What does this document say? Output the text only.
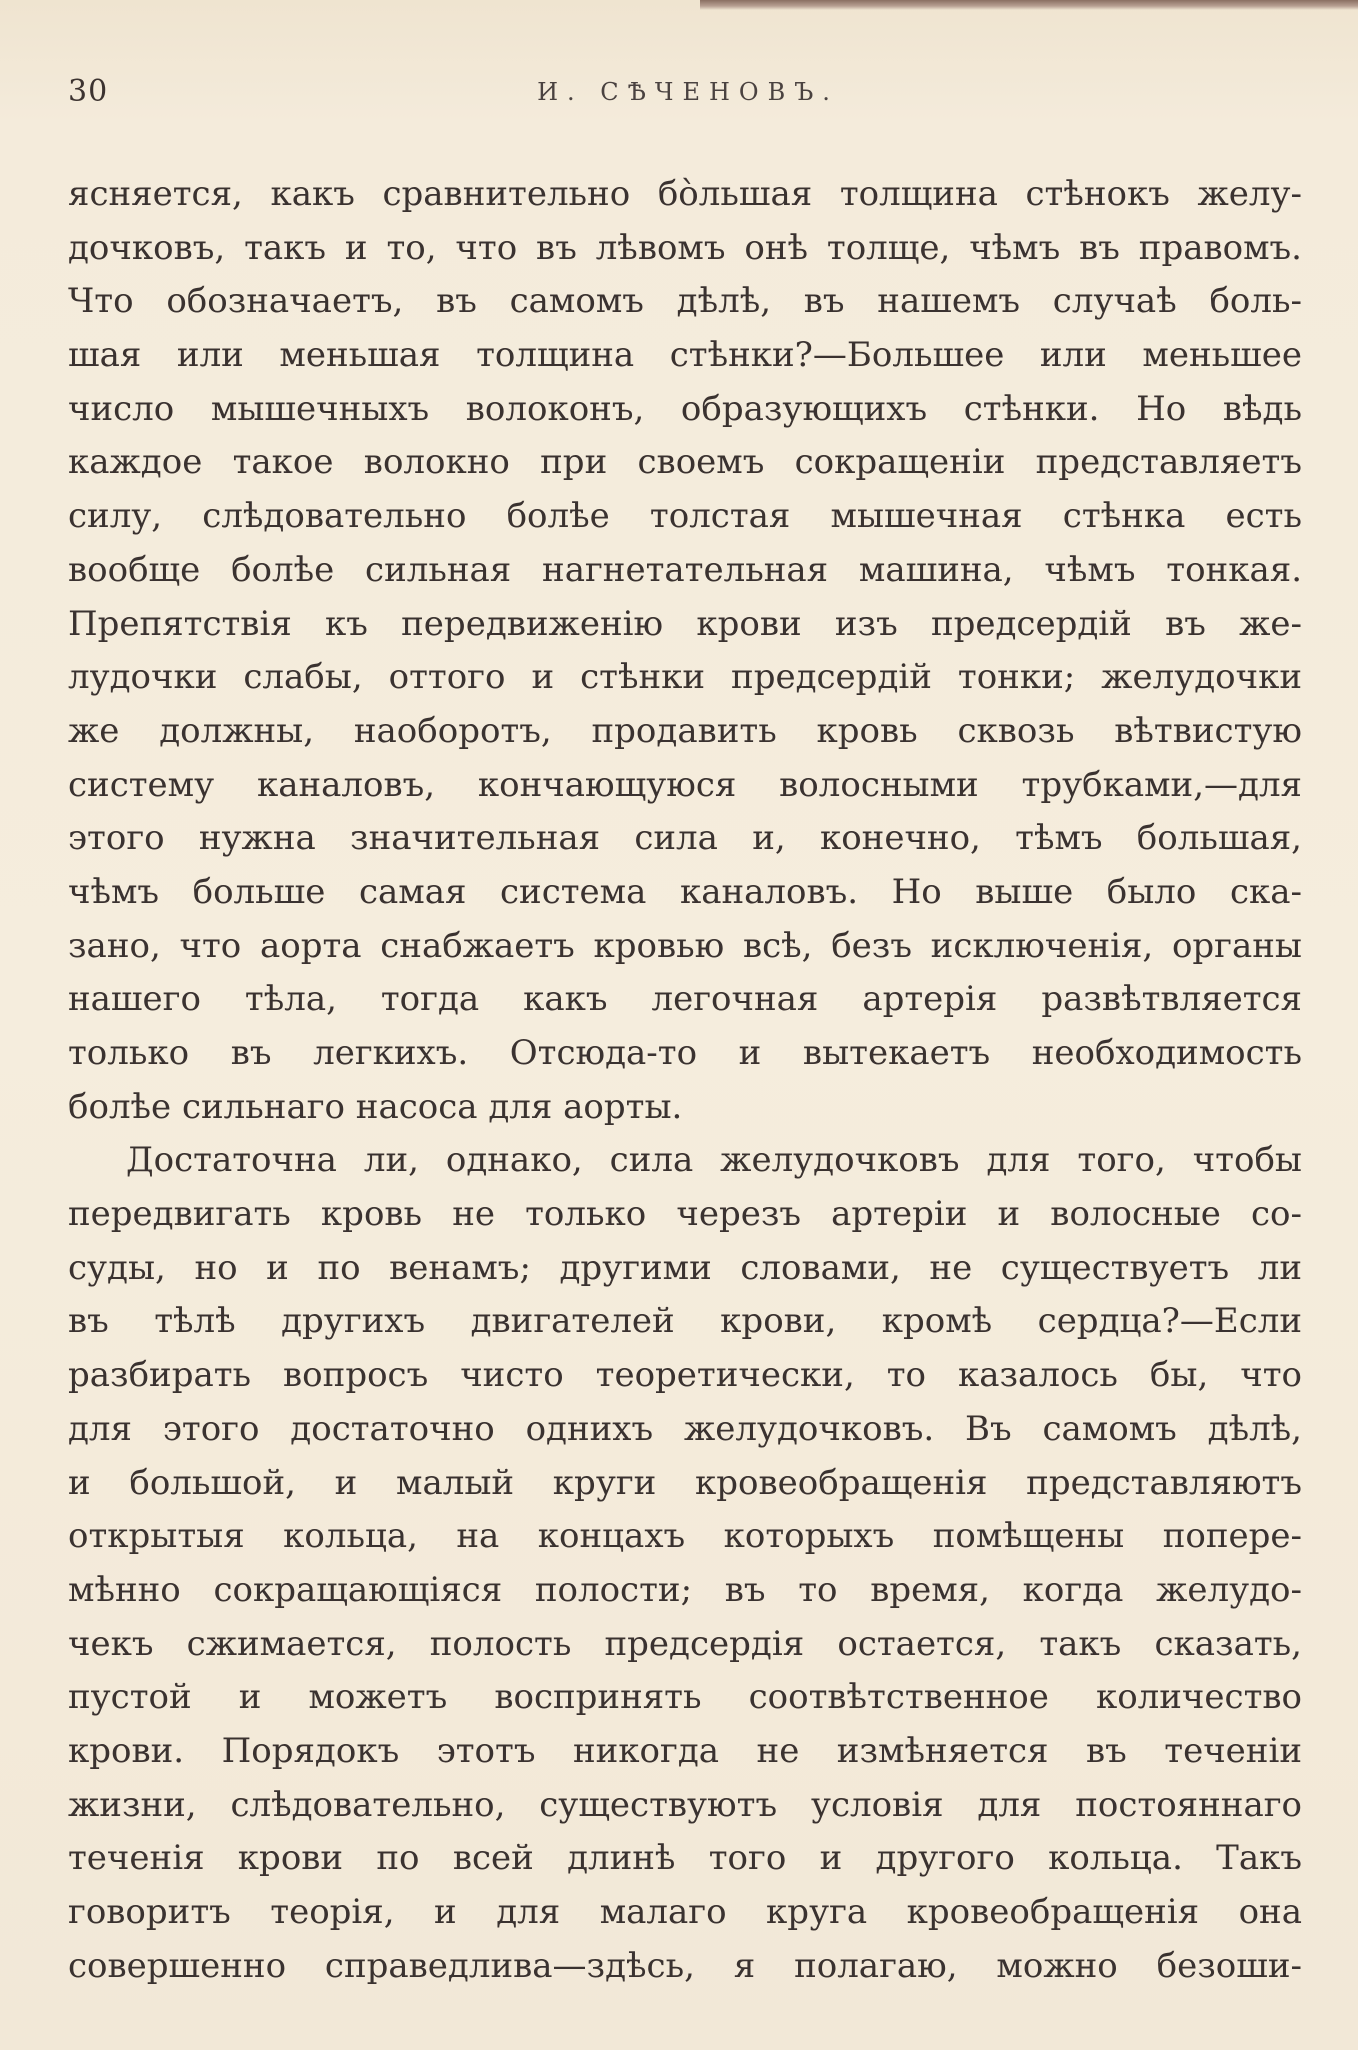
30	И. СѢЧЕНОВЪ.
ясняется, какъ сравнительно бо̀льшая толщина стѣнокъ желу-
дочковъ, такъ и то, что въ лѣвомъ онѣ толще, чѣмъ въ правомъ.
Что обозначаетъ, въ самомъ дѣлѣ, въ нашемъ случаѣ боль-
шая или меньшая толщина стѣнки?—Большее или меньшее
число мышечныхъ волоконъ, образующихъ стѣнки. Но вѣдь
каждое такое волокно при своемъ сокращенiи представляетъ
силу, слѣдовательно болѣе толстая мышечная стѣнка есть
вообще болѣе сильная нагнетательная машина, чѣмъ тонкая.
Препятствiя къ передвиженiю крови изъ предсердiй въ же-
лудочки слабы, оттого и стѣнки предсердiй тонки; желудочки
же должны, наоборотъ, продавить кровь сквозь вѣтвистую
систему каналовъ, кончающуюся волосными трубками,—для
этого нужна значительная сила и, конечно, тѣмъ большая,
чѣмъ больше самая система каналовъ. Но выше было ска-
зано, что аорта снабжаетъ кровью всѣ, безъ исключенiя, органы
нашего тѣла, тогда какъ легочная артерiя развѣтвляется
только въ легкихъ. Отсюда-то и вытекаетъ необходимость
болѣе сильнаго насоса для аорты.
Достаточна ли, однако, сила желудочковъ для того, чтобы
передвигать кровь не только черезъ артерiи и волосные со-
суды, но и по венамъ; другими словами, не существуетъ ли
въ тѣлѣ другихъ двигателей крови, кромѣ сердца?—Если
разбирать вопросъ чисто теоретически, то казалось бы, что
для этого достаточно однихъ желудочковъ. Въ самомъ дѣлѣ,
и большой, и малый круги кровеобращенiя представляютъ
открытыя кольца, на концахъ которыхъ помѣщены попере-
мѣнно сокращающiяся полости; въ то время, когда желудо-
чекъ сжимается, полость предсердiя остается, такъ сказать,
пустой и можетъ воспринять соотвѣтственное количество
крови. Порядокъ этотъ никогда не измѣняется въ теченiи
жизни, слѣдовательно, существуютъ условiя для постояннаго
теченiя крови по всей длинѣ того и другого кольца. Такъ
говоритъ теорiя, и для малаго круга кровеобращенiя она
совершенно справедлива—здѣсь, я полагаю, можно безоши-
